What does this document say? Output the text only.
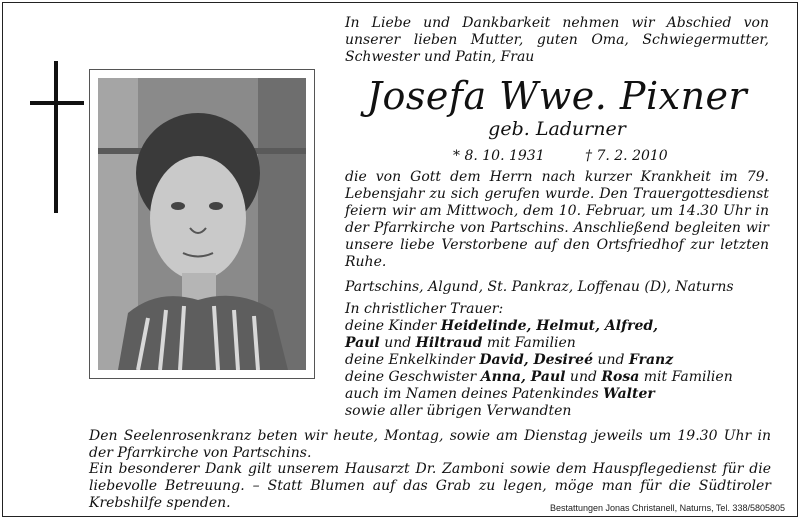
In Liebe und Dankbarkeit nehmen wir Abschied von unserer lieben Mutter, guten Oma, Schwiegermutter, Schwester und Patin, Frau
Josefa Wwe. Pixner
geb. Ladurner
* 8. 10. 1931	† 7. 2. 2010
die von Gott dem Herrn nach kurzer Krankheit im 79. Lebensjahr zu sich gerufen wurde. Den Trauergottesdienst feiern wir am Mittwoch, dem 10. Februar, um 14.30 Uhr in der Pfarrkirche von Partschins. Anschließend begleiten wir unsere liebe Verstorbene auf den Ortsfriedhof zur letzten Ruhe.
Partschins, Algund, St. Pankraz, Loffenau (D), Naturns
In christlicher Trauer:
deine Kinder Heidelinde, Helmut, Alfred,
Paul und Hiltraud mit Familien
deine Enkelkinder David, Desireé und Franz
deine Geschwister Anna, Paul und Rosa mit Familien
auch im Namen deines Patenkindes Walter
sowie aller übrigen Verwandten
Den Seelenrosenkranz beten wir heute, Montag, sowie am Dienstag jeweils um 19.30 Uhr in der Pfarrkirche von Partschins.
Ein besonderer Dank gilt unserem Hausarzt Dr. Zamboni sowie dem Hauspflegedienst für die liebevolle Betreuung. – Statt Blumen auf das Grab zu legen, möge man für die Südtiroler Krebshilfe spenden.	Bestattungen Jonas Christanell, Naturns, Tel. 338/5805805
